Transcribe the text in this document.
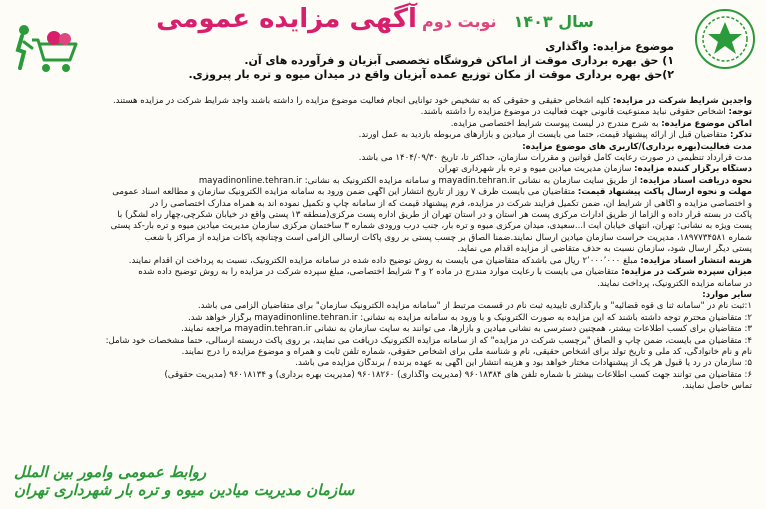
سال ۱۴۰۳ نوبت دوم آگهی مزایده عمومی
موضوع مزایده: واگذاری
۱) حق بهره برداری موقت از اماکن فروشگاه تخصصی آبزیان و فرآورده های آن.
۲)حق بهره برداری موقت از مکان توزیع عمده آبزیان واقع در میدان میوه و تره بار پیروزی.
واجدین شرایط شرکت در مزایده: کلیه اشخاص حقیقی و حقوقی که به تشخیص خود توانایی انجام فعالیت موضوع مزایده را داشته باشند واجد شرایط شرکت در مزایده هستند.
توجه: اشخاص حقوقی نباید ممنوعیت قانونی جهت فعالیت در موضوع مزایده را داشته باشند.
اماکن موضوع مزایده: به شرح مندرج در لیست پیوست شرایط اختصاصی مزایده.
تذکر: متقاضیان قبل از ارائه پیشنهاد قیمت، حتما می بایست از میادین و بازارهای مربوطه بازدید به عمل آورند.
مدت فعالیت(بهره برداری)/کاربری های موضوع مزایده:
مدت قرارداد تنظیمی در صورت رعایت کامل قوانین و مقررات سازمان، حداکثر تا، تاریخ ۱۴۰۴/۰۹/۳۰ می باشد.
دستگاه برگزار کننده مزایده: سازمان مدیریت میادین میوه و تره بار شهرداری تهران
نحوه دریافت اسناد مزایده: از طریق سایت سازمان به نشانی mayadin.tehran.ir و سامانه مزایده الکترونیک به نشانی: mayadinonline.tehran.ir
مهلت و نحوه ارسال پاکت پیشنهاد قیمت: متقاضیان می بایست ظرف ۷ روز از تاریخ انتشار این آگهی ضمن ورود به سامانه مزایده الکترونیک سازمان و مطالعه اسناد عمومی
و اختصاصی مزایده و آگاهی از شرایط آن، ضمن تکمیل فرآیند شرکت در مزایده، فرم پیشنهاد قیمت که از سامانه چاپ و تکمیل نموده اند به همراه مدارک اختصاصی را در
پاکت در بسته قرار داده و الزاما از طریق ادارات مرکزی پست هر استان و در استان تهران از طریق اداره پست مرکزی(منطقه ۱۳ پستی واقع در خیابان شکرچی،چهار راه لشگر) با
پست ویژه به نشانی: تهران، انتهای خیابان آیت ا...سعیدی، میدان مرکزی میوه و تره بار، جنب درب ورودی شماره ۳ ساختمان مرکزی سازمان مدیریت میادین میوه و تره بار-کد پستی
شماره ۱۸۹۷۷۳۴۵۸۱، مدیریت حراست سازمان میادین ارسال نمایند.ضمنا الصاق بر چسب پستی بر روی پاکات ارسالی الزامی است وچنانچه پاکات مزایده از مراکز با شعب
پستی دیگر ارسال شود، سازمان نسبت به حذف متقاضی از مزایده اقدام می نماید.
هزینه انتشار اسناد مزایده: مبلغ ۲٬۰۰۰٬۰۰۰ ریال می باشدکه متقاضیان می بایست به روش توضیح داده شده در سامانه مزایده الکترونیک، نسبت به پرداخت آن اقدام نمایند.
میزان سپرده شرکت در مزایده: متقاضیان می بایست با رعایت موارد مندرج در ماده ۲ و ۳ شرایط اختصاصی، مبلغ سپرده شرکت در مزایده را به روش توضیح داده شده
در سامانه مزایده الکترونیک، پرداخت نمایند.
سایر موارد:
۱:ثبت نام در "سامانه ثنا ی قوه قضائیه" و بارگذاری تأییدیه ثبت نام در قسمت مرتبط از "سامانه مزایده الکترونیک سازمان" برای متقاضیان الزامی می باشد.
۲: متقاضیان محترم توجه داشته باشند که این مزایده به صورت الکترونیک و با ورود به سامانه مزایده به نشانی: mayadinonline.tehran.ir برگزار خواهد شد.
۳: متقاضیان برای کسب اطلاعات بیشتر، همچنین دسترسی به نشانی میادین و بازارها، می توانند به سایت سازمان به نشانی mayadin.tehran.ir مراجعه نمایند.
۴: متقاضیان می بایست، ضمن چاپ و الصاق "برچسب شرکت در مزایده" که از سامانه مزایده الکترونیک دریافت می نمایند، بر روی پاکت دربسته ارسالی، حتما مشخصات خود شامل:
نام و نام خانوادگی، کد ملی و تاریخ تولد برای اشخاص حقیقی، نام و شناسه ملی برای اشخاص حقوقی، شماره تلفن ثابت و همراه و موضوع مزایده را درج نمایند.
۵: سازمان در رد یا قبول هر یک از پیشنهادات مختار خواهد بود و هزینه انتشار این آگهی به عهده برنده / برندگان مزایده می باشد.
۶: متقاضیان می توانند جهت کسب اطلاعات بیشتر با شماره تلفن های ۹۶۰۱۸۳۸۴ (مدیریت واگذاری) ۹۶۰۱۸۲۶۰ (مدیریت بهره برداری) و ۹۶۰۱۸۱۳۴ (مدیریت حقوقی)
تماس حاصل نمایند.
روابط عمومی وامور بین الملل
سازمان مدیریت میادین میوه و تره بار شهرداری تهران
